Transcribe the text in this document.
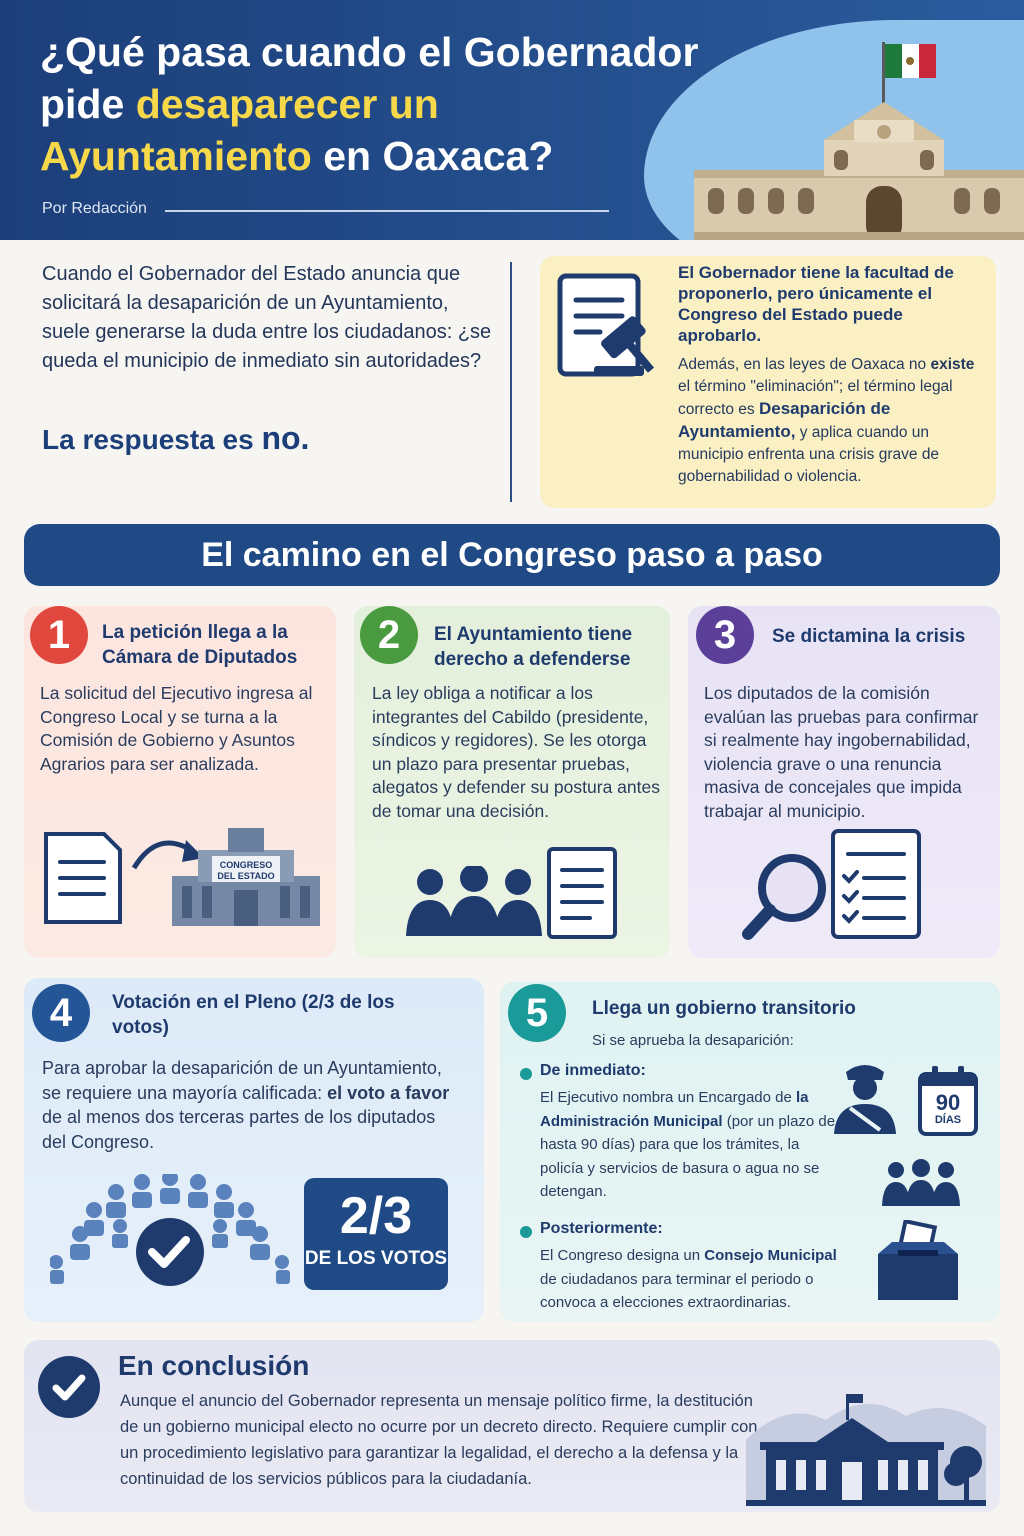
¿Qué pasa cuando el Gobernador pide desaparecer un Ayuntamiento en Oaxaca?
Por Redacción
Cuando el Gobernador del Estado anuncia que solicitará la desaparición de un Ayuntamiento, suele generarse la duda entre los ciudadanos: ¿se queda el municipio de inmediato sin autoridades?
La respuesta es no.
El Gobernador tiene la facultad de proponerlo, pero únicamente el Congreso del Estado puede aprobarlo.
Además, en las leyes de Oaxaca no existe el término "eliminación"; el término legal correcto es Desaparición de Ayuntamiento, y aplica cuando un municipio enfrenta una crisis grave de gobernabilidad o violencia.
El camino en el Congreso paso a paso
1	La petición llega a la Cámara de Diputados
La solicitud del Ejecutivo ingresa al Congreso Local y se turna a la Comisión de Gobierno y Asuntos Agrarios para ser analizada.
CONGRESO
DEL ESTADO
2	El Ayuntamiento tiene derecho a defenderse
La ley obliga a notificar a los integrantes del Cabildo (presidente, síndicos y regidores). Se les otorga un plazo para presentar pruebas, alegatos y defender su postura antes de tomar una decisión.
3	Se dictamina la crisis
Los diputados de la comisión evalúan las pruebas para confirmar si realmente hay ingobernabilidad, violencia grave o una renuncia masiva de concejales que impida trabajar al municipio.
4	Votación en el Pleno (2/3 de los votos)
Para aprobar la desaparición de un Ayuntamiento, se requiere una mayoría calificada: el voto a favor de al menos dos terceras partes de los diputados del Congreso.
2/3
DE LOS VOTOS
5	Llega un gobierno transitorio
Si se aprueba la desaparición:
De inmediato:
El Ejecutivo nombra un Encargado de la Administración Municipal (por un plazo de hasta 90 días) para que los trámites, la policía y servicios de basura o agua no se detengan.
Posteriormente:
El Congreso designa un Consejo Municipal de ciudadanos para terminar el periodo o convoca a elecciones extraordinarias.
90
DÍAS
En conclusión
Aunque el anuncio del Gobernador representa un mensaje político firme, la destitución de un gobierno municipal electo no ocurre por un decreto directo. Requiere cumplir con un procedimiento legislativo para garantizar la legalidad, el derecho a la defensa y la continuidad de los servicios públicos para la ciudadanía.
